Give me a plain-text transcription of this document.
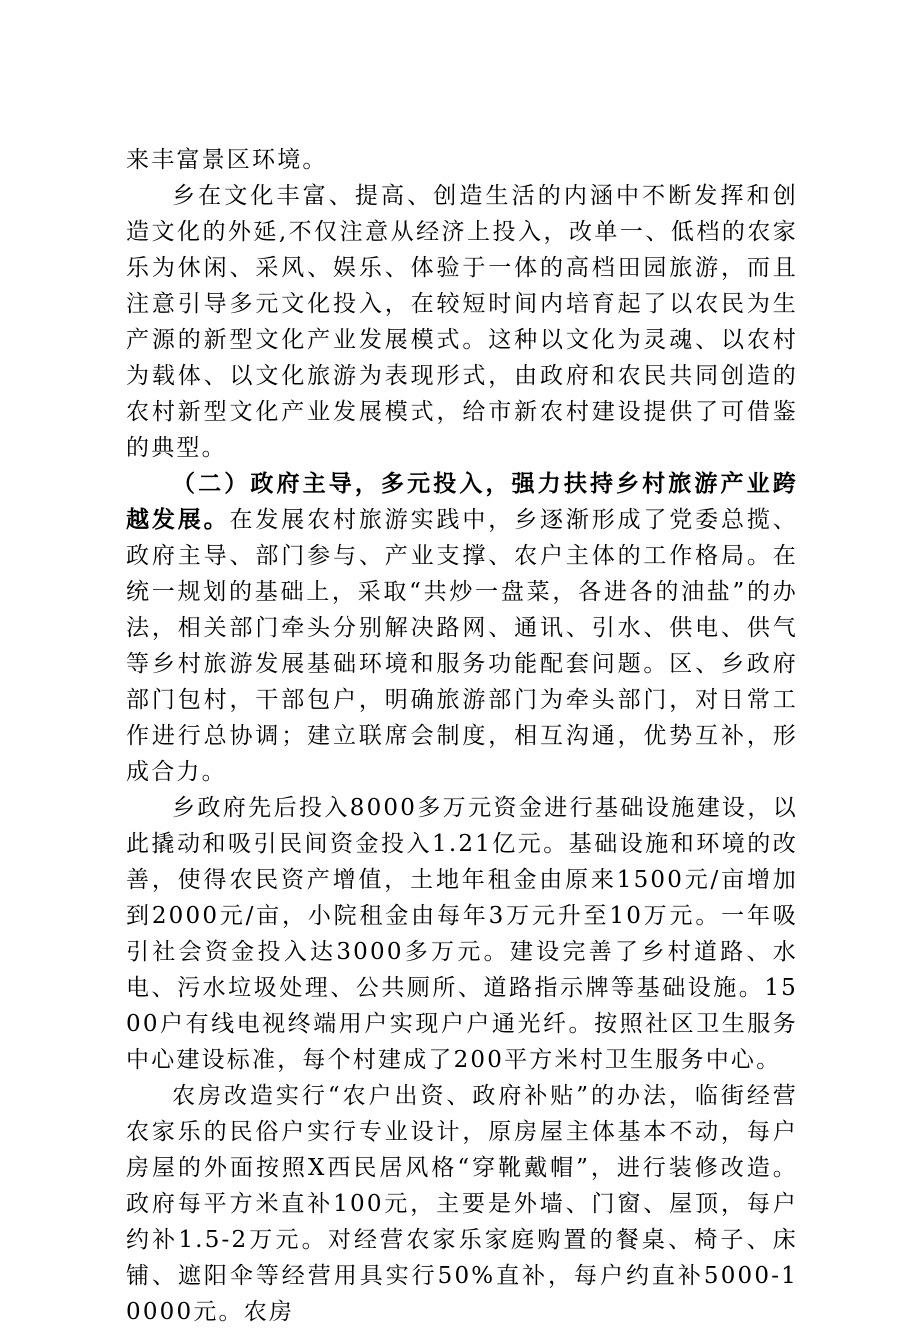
来丰富景区环境。

乡在文化丰富、提高、创造生活的内涵中不断发挥和创造文化的外延,不仅注意从经济上投入，改单一、低档的农家乐为休闲、采风、娱乐、体验于一体的高档田园旅游，而且注意引导多元文化投入，在较短时间内培育起了以农民为生产源的新型文化产业发展模式。这种以文化为灵魂、以农村为载体、以文化旅游为表现形式，由政府和农民共同创造的农村新型文化产业发展模式，给市新农村建设提供了可借鉴的典型。

（二）政府主导，多元投入，强力扶持乡村旅游产业跨越发展。在发展农村旅游实践中，乡逐渐形成了党委总揽、政府主导、部门参与、产业支撑、农户主体的工作格局。在统一规划的基础上，采取“共炒一盘菜，各进各的油盐”的办法，相关部门牵头分别解决路网、通讯、引水、供电、供气等乡村旅游发展基础环境和服务功能配套问题。区、乡政府部门包村，干部包户，明确旅游部门为牵头部门，对日常工作进行总协调；建立联席会制度，相互沟通，优势互补，形成合力。

乡政府先后投入8000多万元资金进行基础设施建设，以此撬动和吸引民间资金投入1.21亿元。基础设施和环境的改善，使得农民资产增值，土地年租金由原来1500元/亩增加到2000元/亩，小院租金由每年3万元升至10万元。一年吸引社会资金投入达3000多万元。建设完善了乡村道路、水电、污水垃圾处理、公共厕所、道路指示牌等基础设施。1500户有线电视终端用户实现户户通光纤。按照社区卫生服务中心建设标准，每个村建成了200平方米村卫生服务中心。

农房改造实行“农户出资、政府补贴”的办法，临街经营农家乐的民俗户实行专业设计，原房屋主体基本不动，每户房屋的外面按照X西民居风格“穿靴戴帽”，进行装修改造。政府每平方米直补100元，主要是外墙、门窗、屋顶，每户约补1.5-2万元。对经营农家乐家庭购置的餐桌、椅子、床铺、遮阳伞等经营用具实行50%直补，每户约直补5000-10000元。农房
